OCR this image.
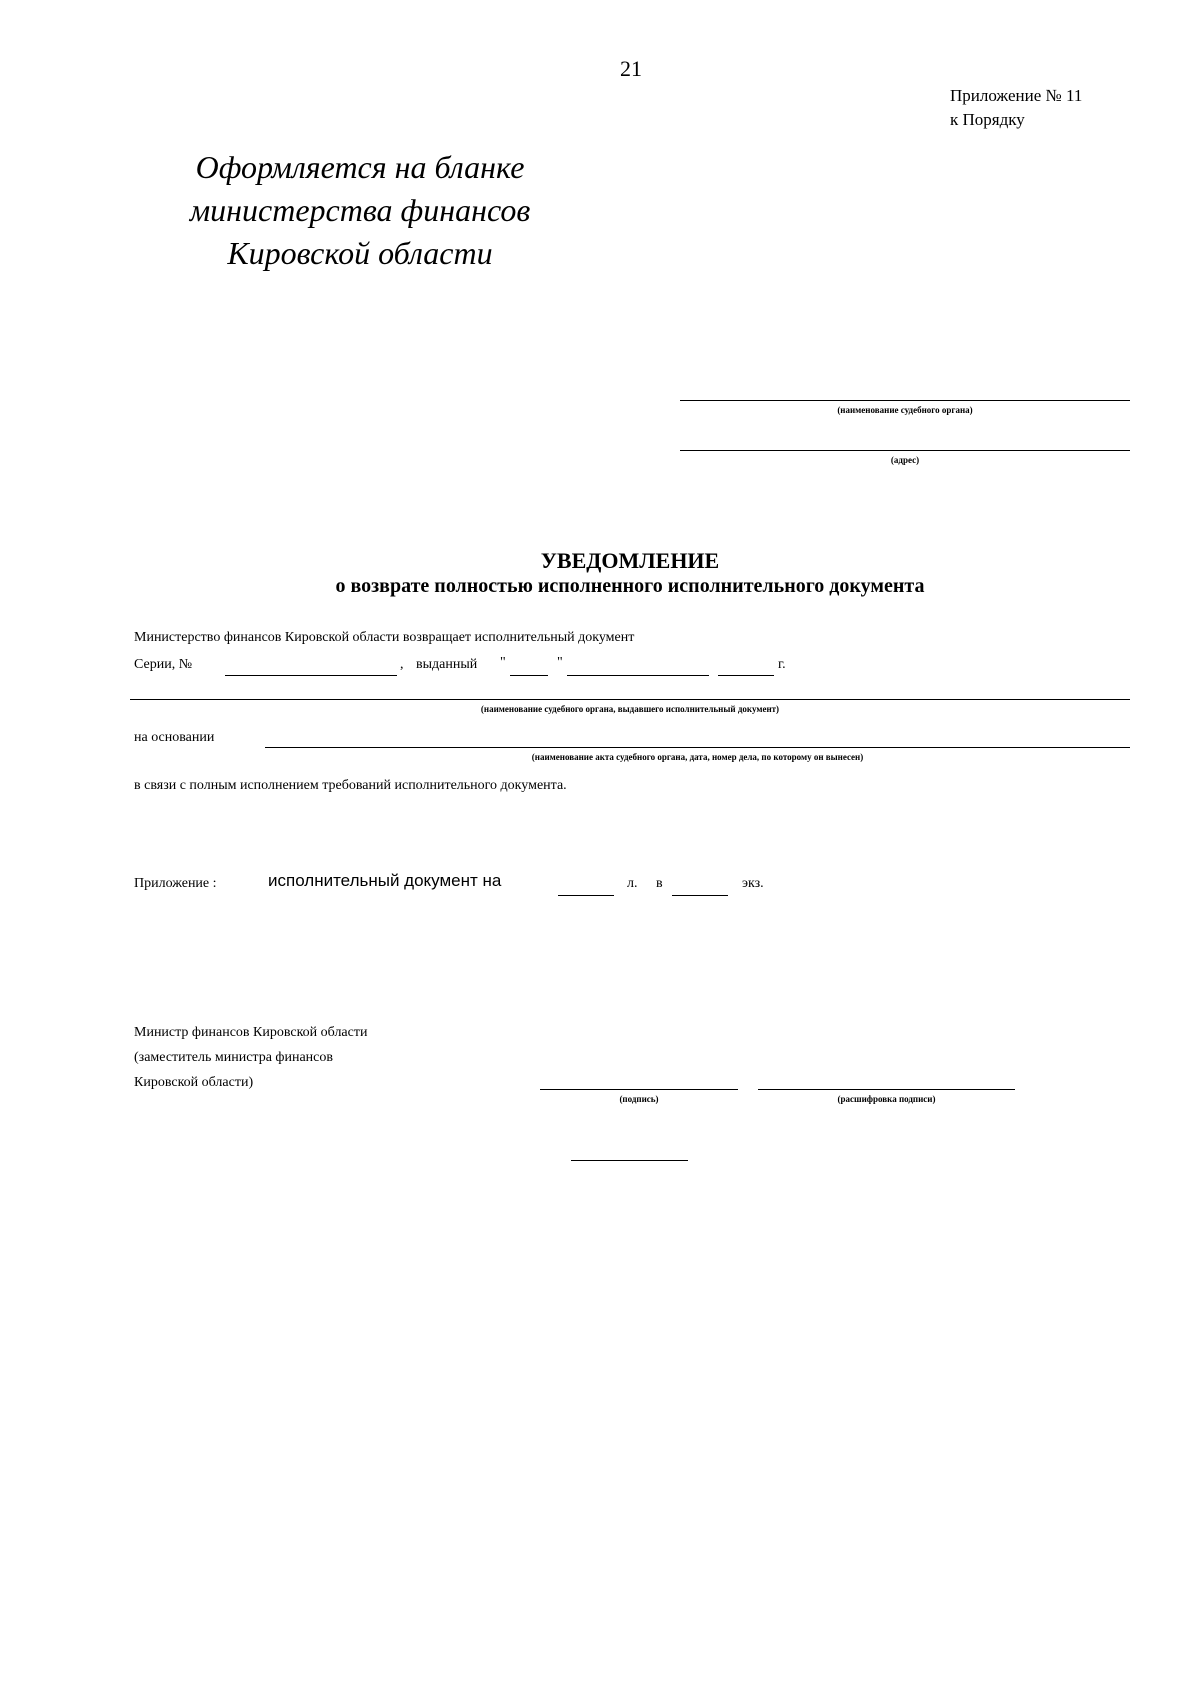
21
Приложение № 11
к Порядку
Оформляется на бланке
министерства финансов
Кировской области
(наименование судебного органа)
(адрес)
УВЕДОМЛЕНИЕ
о возврате полностью исполненного исполнительного документа
Министерство финансов Кировской области возвращает исполнительный документ
Серии, №	, выданный "	"	г.
(наименование судебного органа, выдавшего исполнительный документ)
на основании
(наименование акта судебного органа, дата, номер дела, по которому он вынесен)
в связи с полным исполнением требований исполнительного документа.
Приложение :	исполнительный документ на	л. в	экз.
Министр финансов Кировской области
(заместитель министра финансов
Кировской области)
(подпись)	(расшифровка подписи)
